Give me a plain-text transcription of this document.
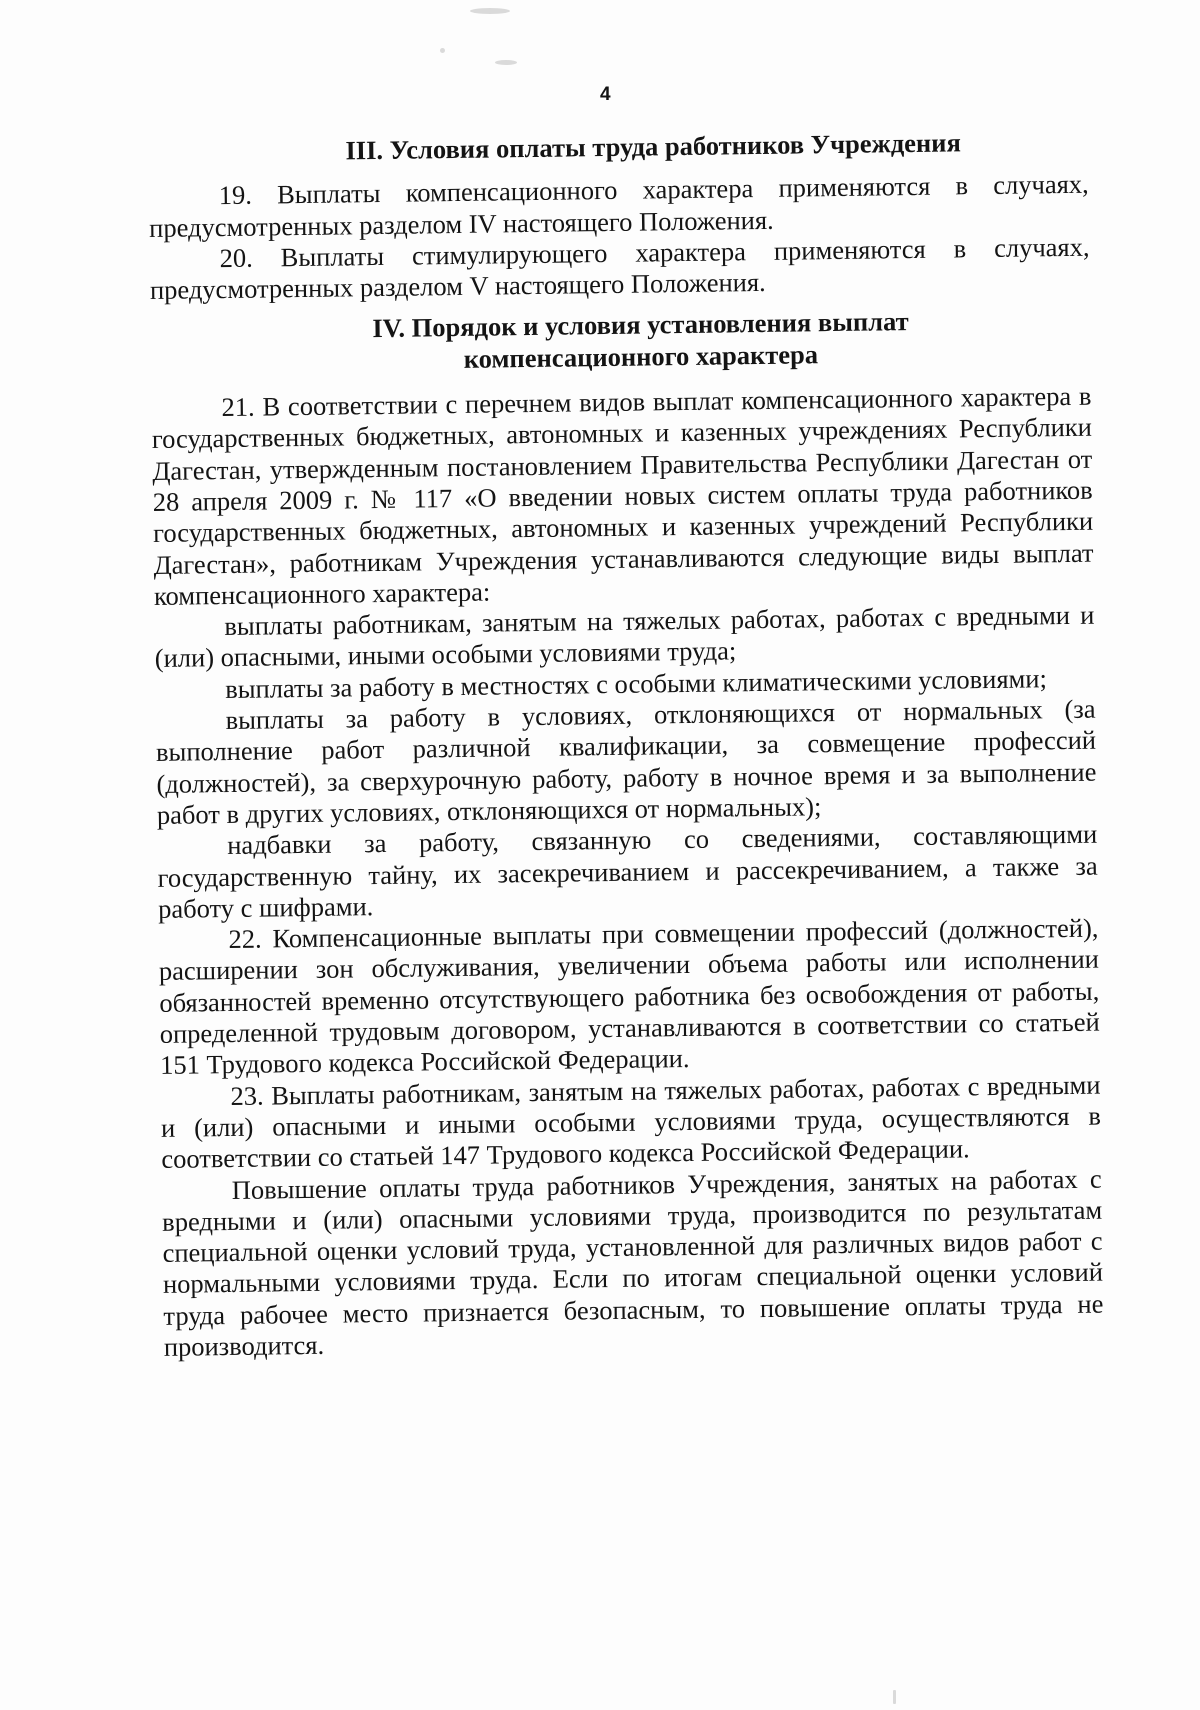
4

III. Условия оплаты труда работников Учреждения

19. Выплаты компенсационного характера применяются в случаях, предусмотренных разделом IV настоящего Положения.

20. Выплаты стимулирующего характера применяются в случаях, предусмотренных разделом V настоящего Положения.

IV. Порядок и условия установления выплат
компенсационного характера

21. В соответствии с перечнем видов выплат компенсационного характера в государственных бюджетных, автономных и казенных учреждениях Республики Дагестан, утвержденным постановлением Правительства Республики Дагестан от 28 апреля 2009 г. № 117 «О введении новых систем оплаты труда работников государственных бюджетных, автономных и казенных учреждений Республики Дагестан», работникам Учреждения устанавливаются следующие виды выплат компенсационного характера:

выплаты работникам, занятым на тяжелых работах, работах с вредными и (или) опасными, иными особыми условиями труда;

выплаты за работу в местностях с особыми климатическими условиями;

выплаты за работу в условиях, отклоняющихся от нормальных (за выполнение работ различной квалификации, за совмещение профессий (должностей), за сверхурочную работу, работу в ночное время и за выполнение работ в других условиях, отклоняющихся от нормальных);

надбавки за работу, связанную со сведениями, составляющими государственную тайну, их засекречиванием и рассекречиванием, а также за работу с шифрами.

22. Компенсационные выплаты при совмещении профессий (должностей), расширении зон обслуживания, увеличении объема работы или исполнении обязанностей временно отсутствующего работника без освобождения от работы, определенной трудовым договором, устанавливаются в соответствии со статьей 151 Трудового кодекса Российской Федерации.

23. Выплаты работникам, занятым на тяжелых работах, работах с вредными и (или) опасными и иными особыми условиями труда, осуществляются в соответствии со статьей 147 Трудового кодекса Российской Федерации.

Повышение оплаты труда работников Учреждения, занятых на работах с вредными и (или) опасными условиями труда, производится по результатам специальной оценки условий труда, установленной для различных видов работ с нормальными условиями труда. Если по итогам специальной оценки условий труда рабочее место признается безопасным, то повышение оплаты труда не производится.
